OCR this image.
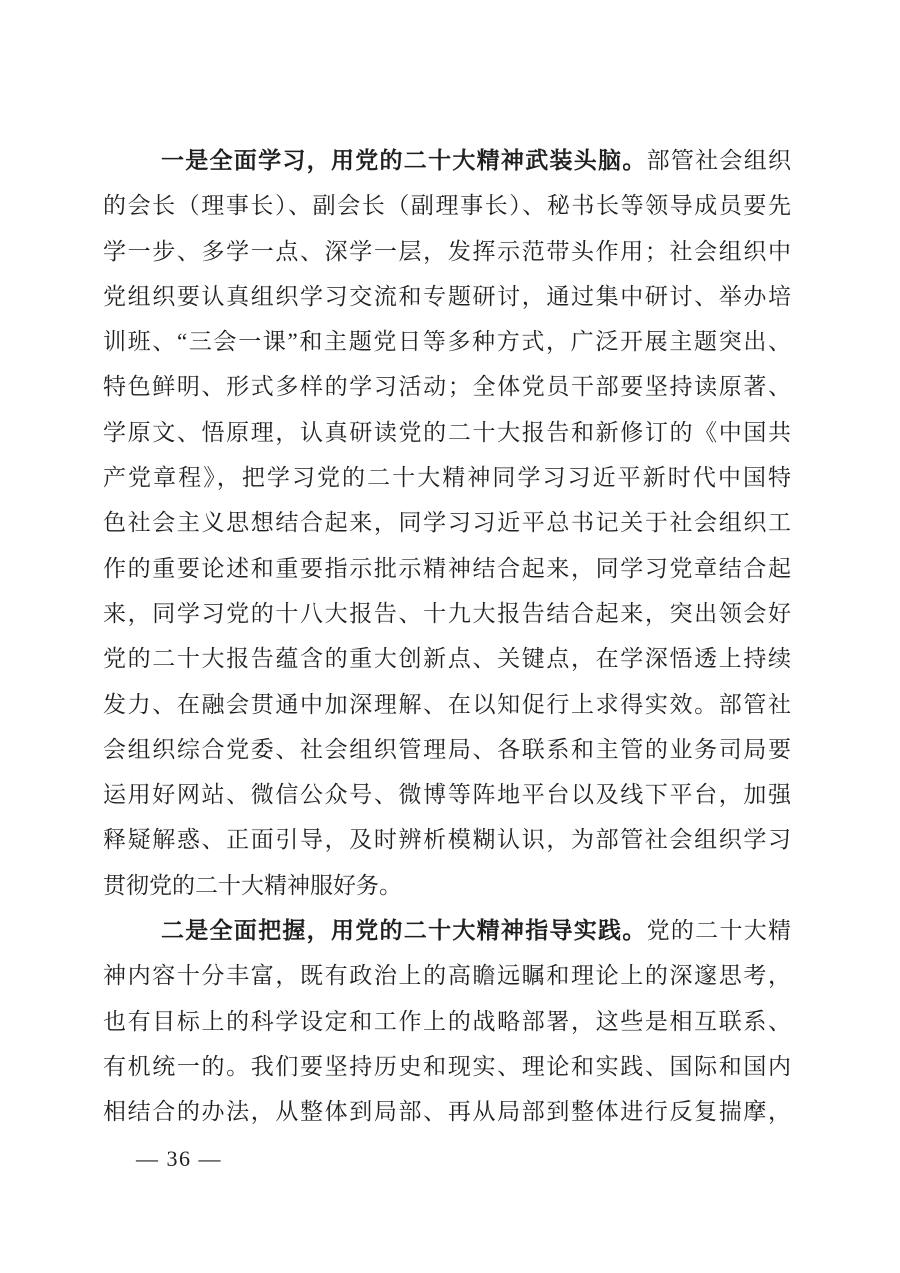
一是全面学习，用党的二十大精神武装头脑。部管社会组织
的会长（理事长）、副会长（副理事长）、秘书长等领导成员要先
学一步、多学一点、深学一层，发挥示范带头作用；社会组织中
党组织要认真组织学习交流和专题研讨，通过集中研讨、举办培
训班、“三会一课”和主题党日等多种方式，广泛开展主题突出、
特色鲜明、形式多样的学习活动；全体党员干部要坚持读原著、
学原文、悟原理，认真研读党的二十大报告和新修订的《中国共
产党章程》，把学习党的二十大精神同学习习近平新时代中国特
色社会主义思想结合起来，同学习习近平总书记关于社会组织工
作的重要论述和重要指示批示精神结合起来，同学习党章结合起
来，同学习党的十八大报告、十九大报告结合起来，突出领会好
党的二十大报告蕴含的重大创新点、关键点，在学深悟透上持续
发力、在融会贯通中加深理解、在以知促行上求得实效。部管社
会组织综合党委、社会组织管理局、各联系和主管的业务司局要
运用好网站、微信公众号、微博等阵地平台以及线下平台，加强
释疑解惑、正面引导，及时辨析模糊认识，为部管社会组织学习
贯彻党的二十大精神服好务。
二是全面把握，用党的二十大精神指导实践。党的二十大精
神内容十分丰富，既有政治上的高瞻远瞩和理论上的深邃思考，
也有目标上的科学设定和工作上的战略部署，这些是相互联系、
有机统一的。我们要坚持历史和现实、理论和实践、国际和国内
相结合的办法，从整体到局部、再从局部到整体进行反复揣摩，
— 36 —
